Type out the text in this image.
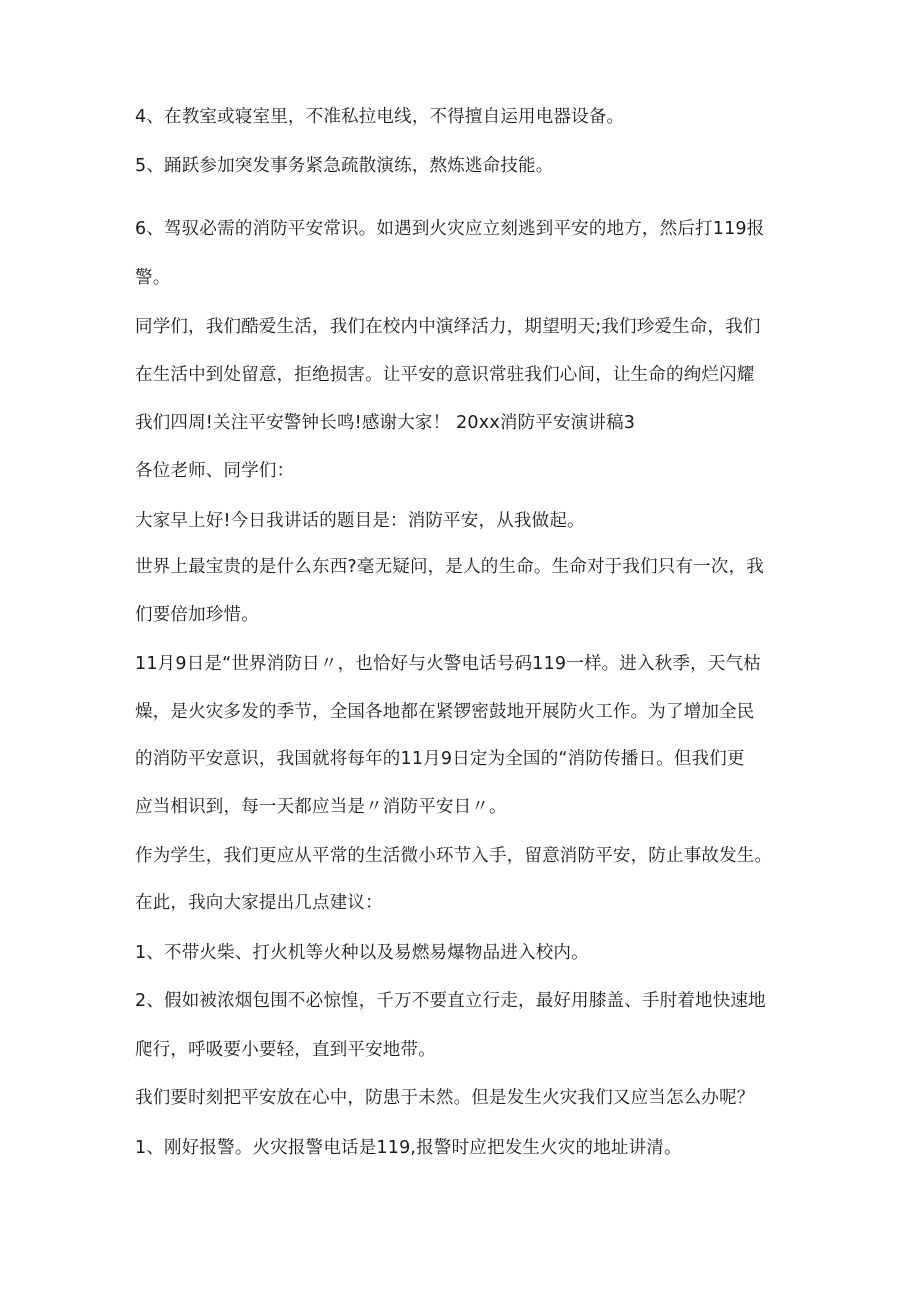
4、在教室或寝室里，不准私拉电线，不得擅自运用电器设备。
5、踊跃参加突发事务紧急疏散演练，熬炼逃命技能。
6、驾驭必需的消防平安常识。如遇到火灾应立刻逃到平安的地方，然后打119报
警。
同学们，我们酷爱生活，我们在校内中演绎活力，期望明天;我们珍爱生命，我们
在生活中到处留意，拒绝损害。让平安的意识常驻我们心间，让生命的绚烂闪耀
我们四周!关注平安警钟长鸣!感谢大家！ 20xx消防平安演讲稿3
各位老师、同学们：
大家早上好!今日我讲话的题目是：消防平安，从我做起。
世界上最宝贵的是什么东西?毫无疑问，是人的生命。生命对于我们只有一次，我
们要倍加珍惜。
11月9日是“世界消防日〃，也恰好与火警电话号码119一样。进入秋季，天气枯
燥，是火灾多发的季节，全国各地都在紧锣密鼓地开展防火工作。为了增加全民
的消防平安意识，我国就将每年的11月9日定为全国的“消防传播日。但我们更
应当相识到，每一天都应当是〃消防平安日〃。
作为学生，我们更应从平常的生活微小环节入手，留意消防平安，防止事故发生。
在此，我向大家提出几点建议：
1、不带火柴、打火机等火种以及易燃易爆物品进入校内。
2、假如被浓烟包围不必惊惶，千万不要直立行走，最好用膝盖、手肘着地快速地
爬行，呼吸要小要轻，直到平安地带。
我们要时刻把平安放在心中，防患于未然。但是发生火灾我们又应当怎么办呢？
1、刚好报警。火灾报警电话是119,报警时应把发生火灾的地址讲清。
